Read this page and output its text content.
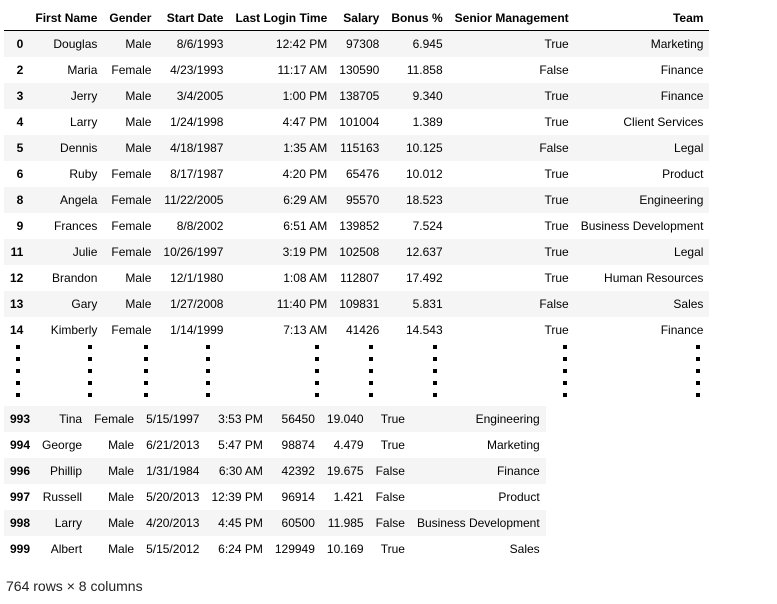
	First Name	Gender	Start Date	Last Login Time	Salary	Bonus %	Senior Management	Team
0	Douglas	Male	8/6/1993	12:42 PM	97308	6.945	True	Marketing
2	Maria	Female	4/23/1993	11:17 AM	130590	11.858	False	Finance
3	Jerry	Male	3/4/2005	1:00 PM	138705	9.340	True	Finance
4	Larry	Male	1/24/1998	4:47 PM	101004	1.389	True	Client Services
5	Dennis	Male	4/18/1987	1:35 AM	115163	10.125	False	Legal
6	Ruby	Female	8/17/1987	4:20 PM	65476	10.012	True	Product
8	Angela	Female	11/22/2005	6:29 AM	95570	18.523	True	Engineering
9	Frances	Female	8/8/2002	6:51 AM	139852	7.524	True	Business Development
11	Julie	Female	10/26/1997	3:19 PM	102508	12.637	True	Legal
12	Brandon	Male	12/1/1980	1:08 AM	112807	17.492	True	Human Resources
13	Gary	Male	1/27/2008	11:40 PM	109831	5.831	False	Sales
14	Kimberly	Female	1/14/1999	7:13 AM	41426	14.543	True	Finance
993	Tina	Female	5/15/1997	3:53 PM	56450	19.040	True	Engineering
994	George	Male	6/21/2013	5:47 PM	98874	4.479	True	Marketing
996	Phillip	Male	1/31/1984	6:30 AM	42392	19.675	False	Finance
997	Russell	Male	5/20/2013	12:39 PM	96914	1.421	False	Product
998	Larry	Male	4/20/2013	4:45 PM	60500	11.985	False	Business Development
999	Albert	Male	5/15/2012	6:24 PM	129949	10.169	True	Sales
764 rows × 8 columns
